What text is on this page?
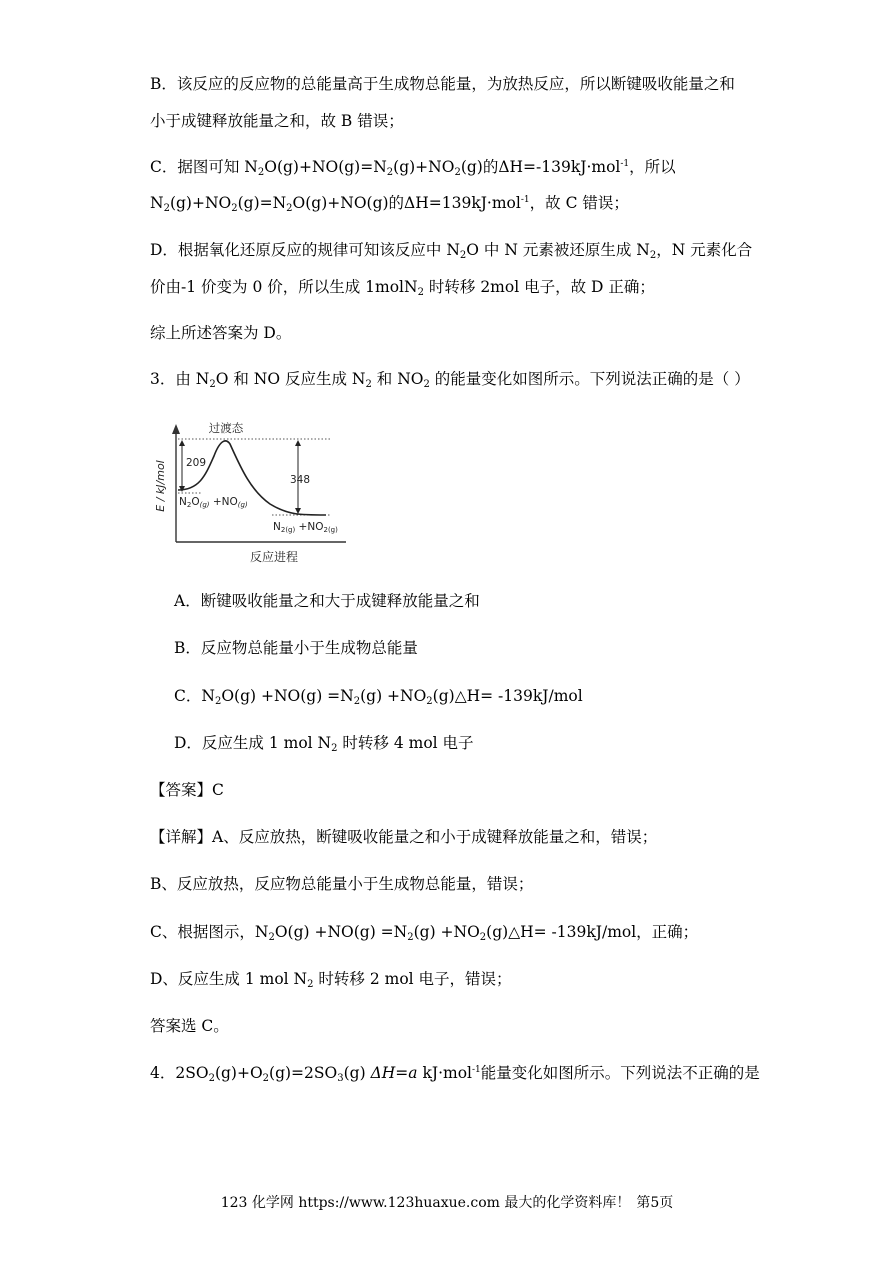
B．该反应的反应物的总能量高于生成物总能量，为放热反应，所以断键吸收能量之和
小于成键释放能量之和，故 B 错误；
C．据图可知 $N_2O(g)+NO(g)=N_2(g)+NO_2(g)$的ΔH=-139kJ·mol$^{-1}$，所以
$N_2(g)+NO_2(g)=N_2O(g)+NO(g)$的ΔH=139kJ·mol$^{-1}$，故 C 错误；
D．根据氧化还原反应的规律可知该反应中 $N_2O$ 中 N 元素被还原生成 $N_2$，N 元素化合
价由-1 价变为 0 价，所以生成 1molN$_2$ 时转移 2mol 电子，故 D 正确；
综上所述答案为 D。
3．由 $N_2O$ 和 NO 反应生成 $N_2$ 和 $NO_2$ 的能量变化如图所示。下列说法正确的是（ ）
E / kJ/mol
反应进程
过渡态
209
348
N2O(g) +NO(g)
N2(g) +NO2(g)
A．断键吸收能量之和大于成键释放能量之和
B．反应物总能量小于生成物总能量
C．$N_2O(g) +NO(g) =N_2(g)$ $+NO_2(g)\triangle H= -139kJ/mol$
D．反应生成 1 mol $N_2$ 时转移 4 mol 电子
【答案】C
【详解】A、反应放热，断键吸收能量之和小于成键释放能量之和，错误；
B、反应放热，反应物总能量小于生成物总能量，错误；
C、根据图示，$N_2O(g) +NO(g) =N_2(g)$ $+NO_2(g)\triangle H= -139kJ/mol$，正确；
D、反应生成 1 mol $N_2$ 时转移 2 mol 电子，错误；
答案选 C。
4．$2SO_2(g)+O_2(g)=2SO_3(g)$ ΔH=a kJ·mol$^{-1}$能量变化如图所示。下列说法不正确的是
123 化学网 https://www.123huaxue.com 最大的化学资料库！ 第5页
